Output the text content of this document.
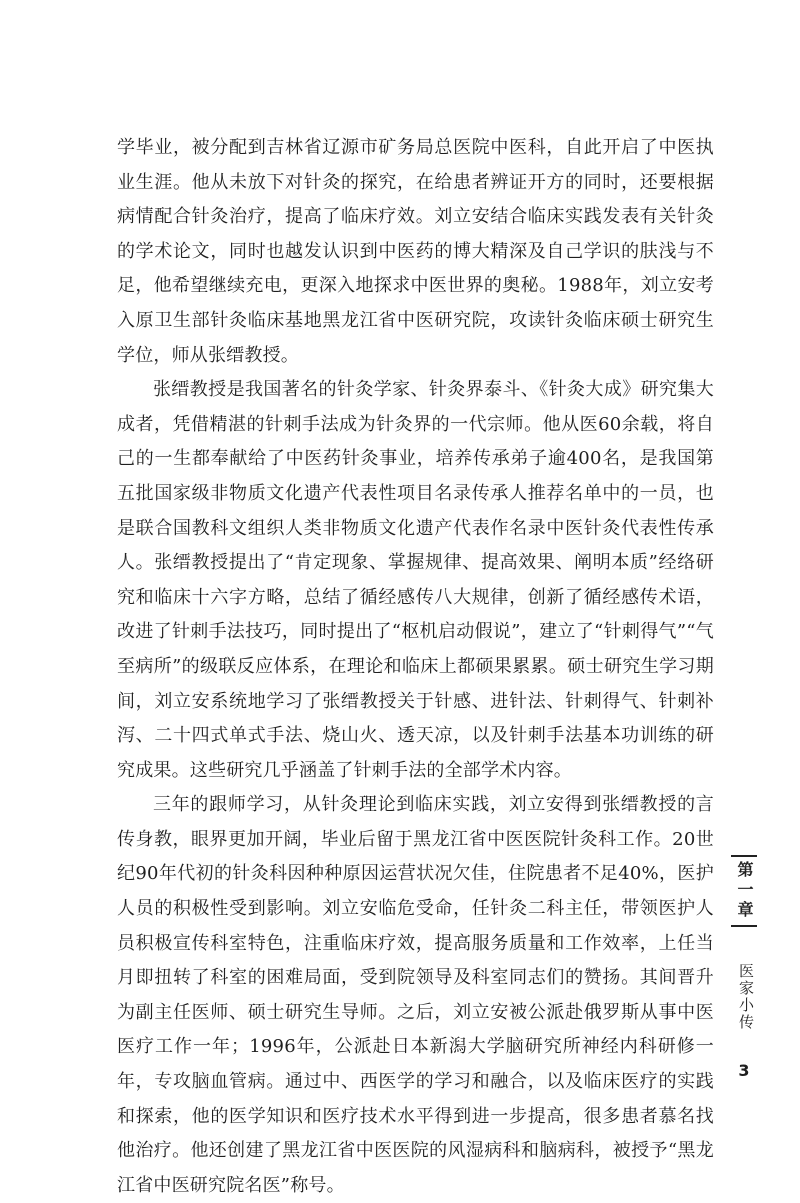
学毕业，被分配到吉林省辽源市矿务局总医院中医科，自此开启了中医执业生涯。他从未放下对针灸的探究，在给患者辨证开方的同时，还要根据病情配合针灸治疗，提高了临床疗效。刘立安结合临床实践发表有关针灸的学术论文，同时也越发认识到中医药的博大精深及自己学识的肤浅与不足，他希望继续充电，更深入地探求中医世界的奥秘。1988年，刘立安考入原卫生部针灸临床基地黑龙江省中医研究院，攻读针灸临床硕士研究生学位，师从张缙教授。

张缙教授是我国著名的针灸学家、针灸界泰斗、《针灸大成》研究集大成者，凭借精湛的针刺手法成为针灸界的一代宗师。他从医60余载，将自己的一生都奉献给了中医药针灸事业，培养传承弟子逾400名，是我国第五批国家级非物质文化遗产代表性项目名录传承人推荐名单中的一员，也是联合国教科文组织人类非物质文化遗产代表作名录中医针灸代表性传承人。张缙教授提出了“肯定现象、掌握规律、提高效果、阐明本质”经络研究和临床十六字方略，总结了循经感传八大规律，创新了循经感传术语，改进了针刺手法技巧，同时提出了“枢机启动假说”，建立了“针刺得气”“气至病所”的级联反应体系，在理论和临床上都硕果累累。硕士研究生学习期间，刘立安系统地学习了张缙教授关于针感、进针法、针刺得气、针刺补泻、二十四式单式手法、烧山火、透天凉，以及针刺手法基本功训练的研究成果。这些研究几乎涵盖了针刺手法的全部学术内容。

三年的跟师学习，从针灸理论到临床实践，刘立安得到张缙教授的言传身教，眼界更加开阔，毕业后留于黑龙江省中医医院针灸科工作。20世纪90年代初的针灸科因种种原因运营状况欠佳，住院患者不足40%，医护人员的积极性受到影响。刘立安临危受命，任针灸二科主任，带领医护人员积极宣传科室特色，注重临床疗效，提高服务质量和工作效率，上任当月即扭转了科室的困难局面，受到院领导及科室同志们的赞扬。其间晋升为副主任医师、硕士研究生导师。之后，刘立安被公派赴俄罗斯从事中医医疗工作一年；1996年，公派赴日本新潟大学脑研究所神经内科研修一年，专攻脑血管病。通过中、西医学的学习和融合，以及临床医疗的实践和探索，他的医学知识和医疗技术水平得到进一步提高，很多患者慕名找他治疗。他还创建了黑龙江省中医医院的风湿病科和脑病科，被授予“黑龙江省中医研究院名医”称号。

第一章
医家小传
3
